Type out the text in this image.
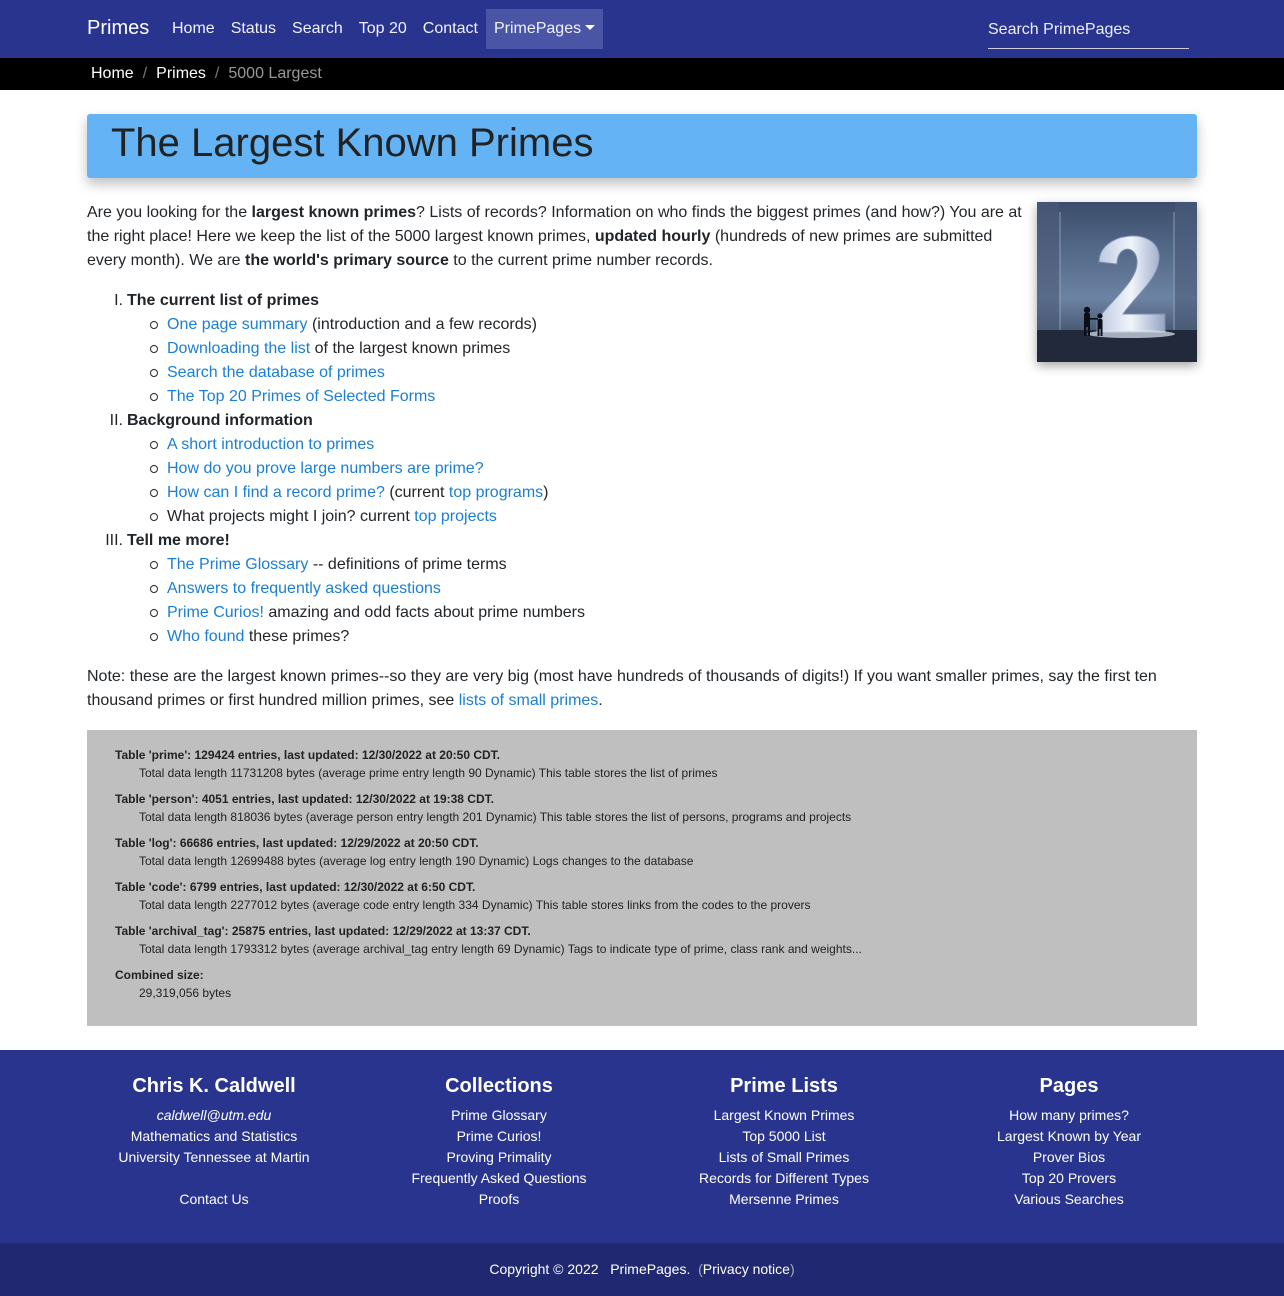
Primes	Home	Status	Search	Top 20	Contact	PrimePages
Search PrimePages
Home / Primes / 5000 Largest
The Largest Known Primes

Are you looking for the largest known primes? Lists of records? Information on who finds the biggest primes (and how?) You are at the right place! Here we keep the list of the 5000 largest known primes, updated hourly (hundreds of new primes are submitted every month). We are the world's primary source to the current prime number records.

I. The current list of primes
One page summary (introduction and a few records)
Downloading the list of the largest known primes
Search the database of primes
The Top 20 Primes of Selected Forms
II. Background information
A short introduction to primes
How do you prove large numbers are prime?
How can I find a record prime? (current top programs)
What projects might I join? current top projects
III. Tell me more!
The Prime Glossary -- definitions of prime terms
Answers to frequently asked questions
Prime Curios! amazing and odd facts about prime numbers
Who found these primes?

Note: these are the largest known primes--so they are very big (most have hundreds of thousands of digits!) If you want smaller primes, say the first ten thousand primes or first hundred million primes, see lists of small primes.

Table 'prime': 129424 entries, last updated: 12/30/2022 at 20:50 CDT.
Total data length 11731208 bytes (average prime entry length 90 Dynamic) This table stores the list of primes
Table 'person': 4051 entries, last updated: 12/30/2022 at 19:38 CDT.
Total data length 818036 bytes (average person entry length 201 Dynamic) This table stores the list of persons, programs and projects
Table 'log': 66686 entries, last updated: 12/29/2022 at 20:50 CDT.
Total data length 12699488 bytes (average log entry length 190 Dynamic) Logs changes to the database
Table 'code': 6799 entries, last updated: 12/30/2022 at 6:50 CDT.
Total data length 2277012 bytes (average code entry length 334 Dynamic) This table stores links from the codes to the provers
Table 'archival_tag': 25875 entries, last updated: 12/29/2022 at 13:37 CDT.
Total data length 1793312 bytes (average archival_tag entry length 69 Dynamic) Tags to indicate type of prime, class rank and weights...
Combined size:
29,319,056 bytes
Chris K. Caldwell
caldwell@utm.edu
Mathematics and Statistics
University Tennessee at Martin
Contact Us
Collections
Prime Glossary
Prime Curios!
Proving Primality
Frequently Asked Questions
Proofs
Prime Lists
Largest Known Primes
Top 5000 List
Lists of Small Primes
Records for Different Types
Mersenne Primes
Pages
How many primes?
Largest Known by Year
Prover Bios
Top 20 Provers
Various Searches
Copyright © 2022 PrimePages. (Privacy notice)
